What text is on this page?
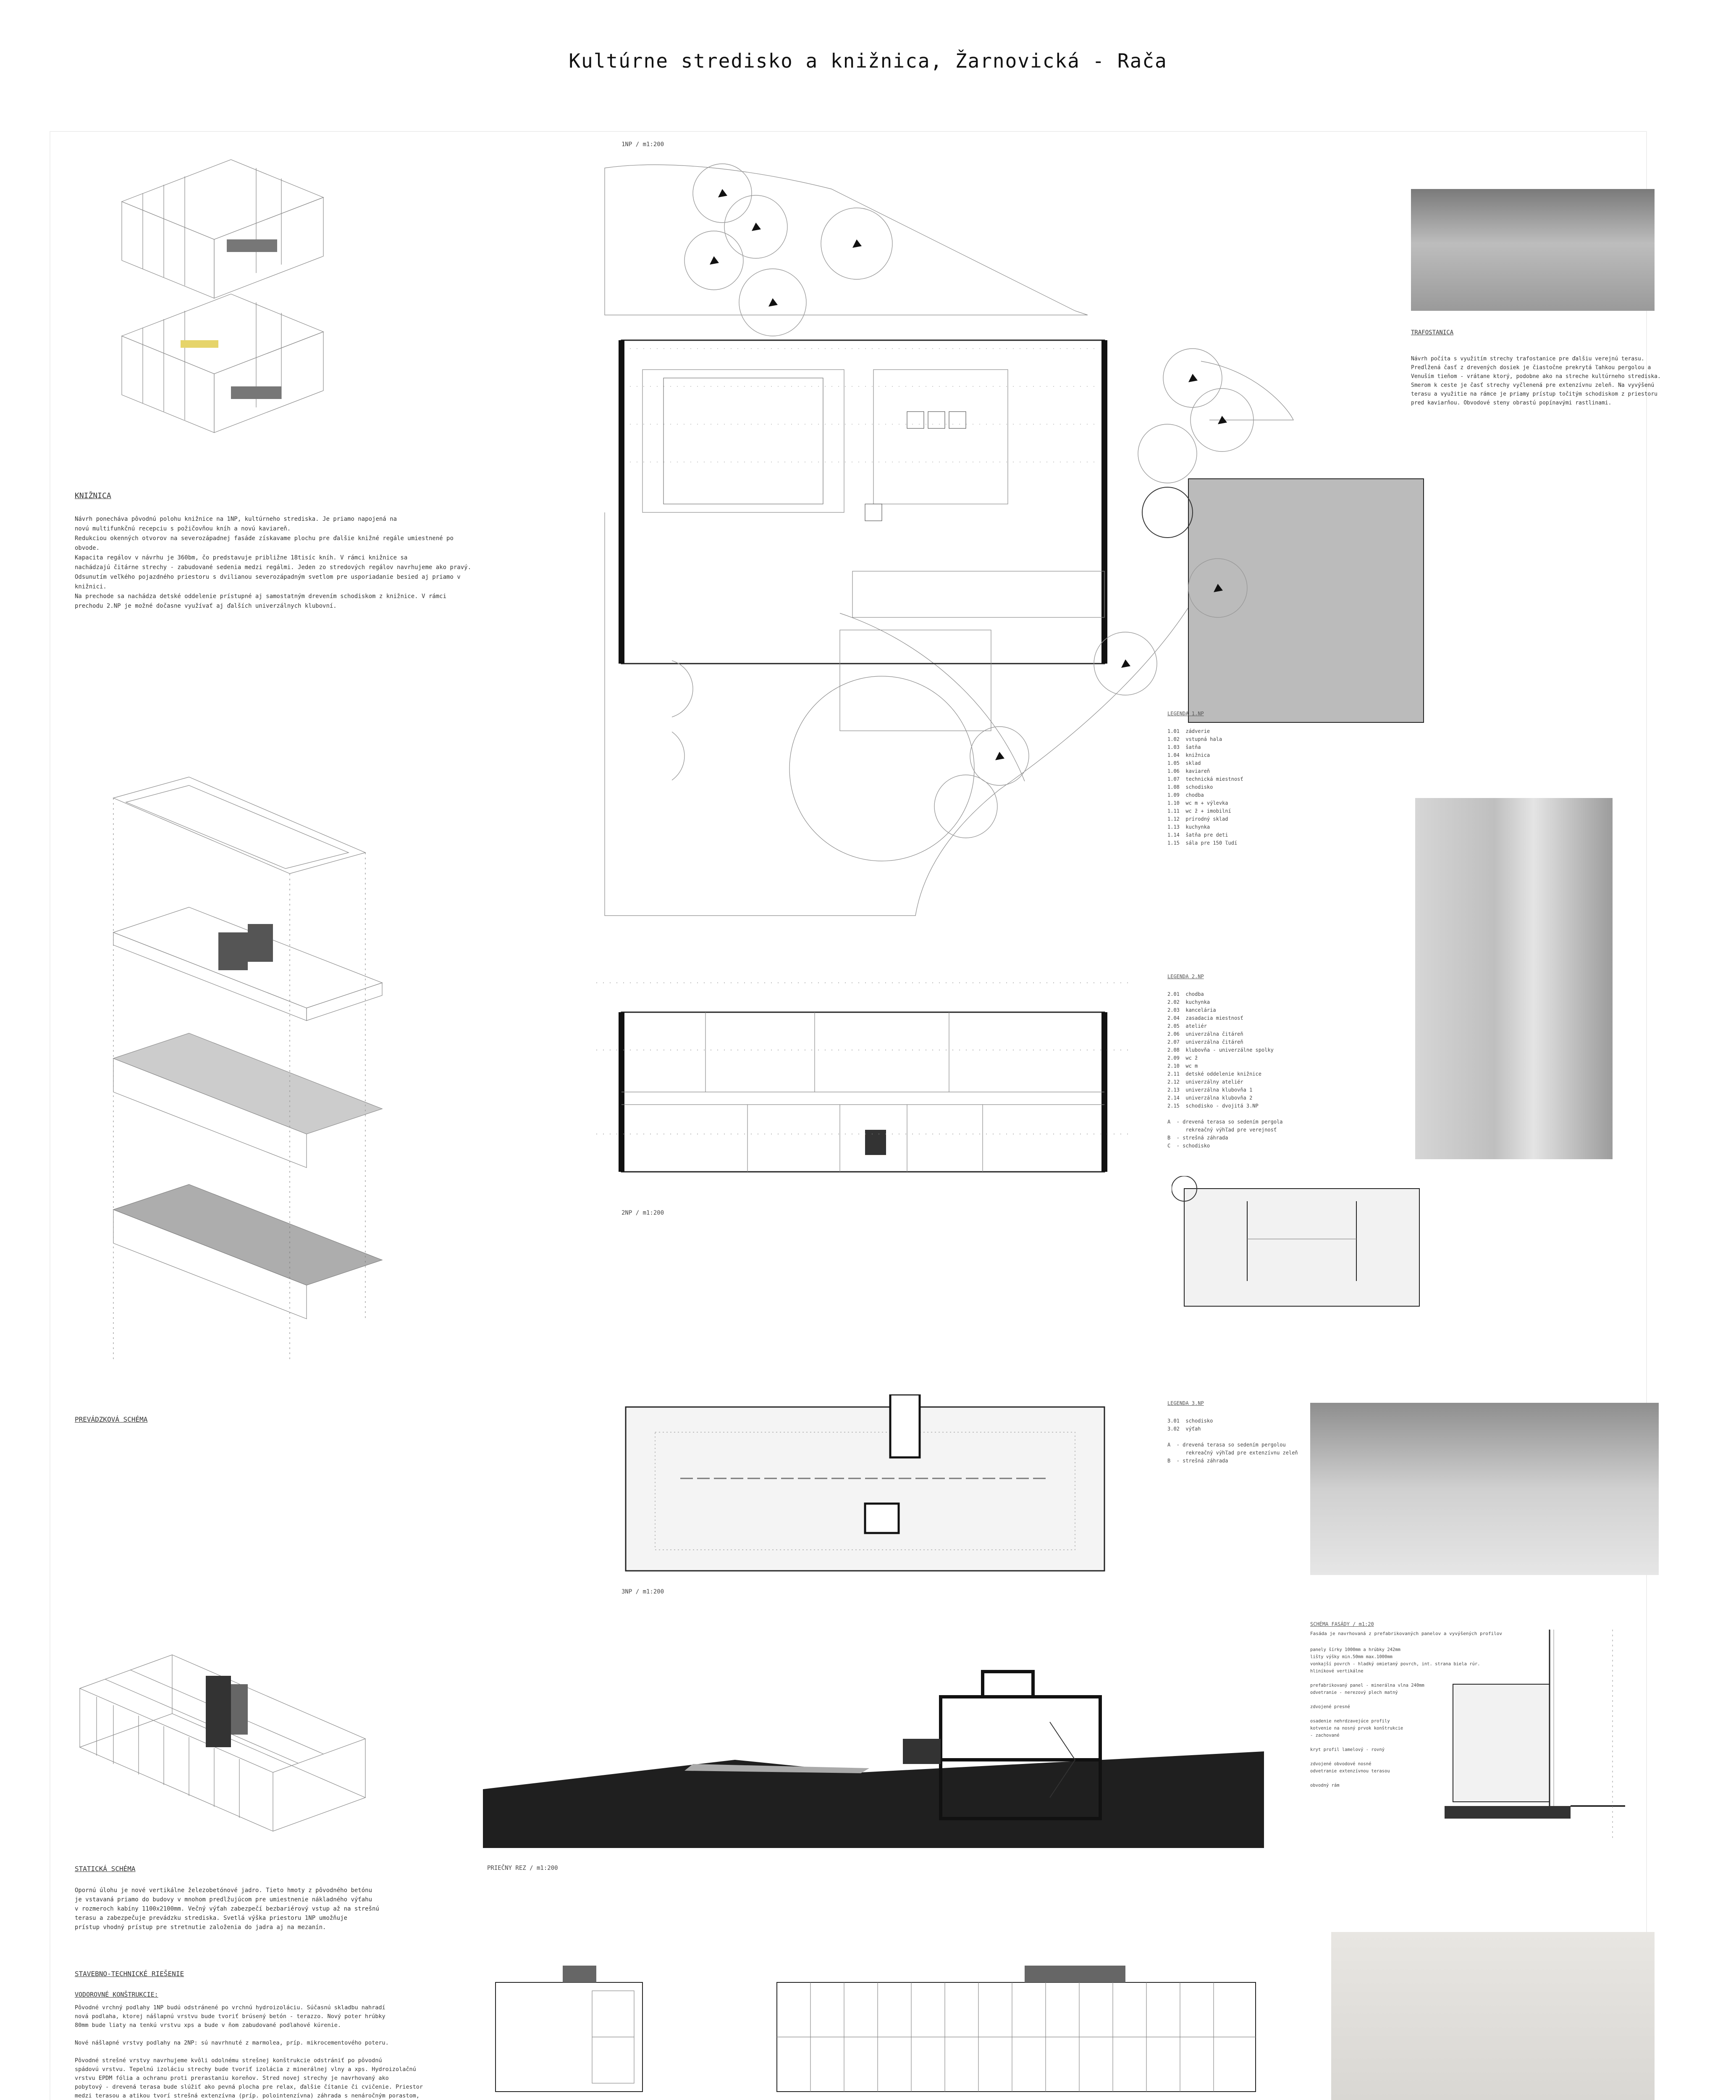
Kultúrne stredisko a knižnica, Žarnovická - Rača
KNIŽNICA
Návrh ponecháva pôvodnú polohu knižnice na 1NP, kultúrneho strediska. Je priamo napojená na
novú multifunkčnú recepciu s požičovňou kníh a novú kaviareň.
Redukciou okenných otvorov na severozápadnej fasáde získavame plochu pre ďalšie knižné regále umiestnené po obvode.
Kapacita regálov v návrhu je 360bm, čo predstavuje približne 18tisíc kníh. V rámci knižnice sa
nachádzajú čitárne strechy - zabudované sedenia medzi regálmi. Jeden zo stredových regálov navrhujeme ako pravý.
Odsunutím veľkého pojazdného priestoru s dvilianou severozápadným svetlom pre usporiadanie besied aj priamo v knižnici.
Na prechode sa nachádza detské oddelenie prístupné aj samostatným drevením schodiskom z knižnice. V rámci
prechodu 2.NP je možné dočasne využívať aj ďalších univerzálnych klubovní.
PREVÁDZKOVÁ SCHÉMA
STATICKÁ SCHÉMA
Opornú úlohu je nové vertikálne železobetónové jadro. Tieto hmoty z pôvodného betónu
je vstavaná priamo do budovy v mnohom predlžujúcom pre umiestnenie nákladného výťahu
v rozmeroch kabíny 1100x2100mm. Večný výťah zabezpečí bezbariérový vstup až na strešnú
terasu a zabezpečuje prevádzku strediska. Svetlá výška priestoru 1NP umožňuje
prístup vhodný prístup pre stretnutie založenia do jadra aj na mezanín.
STAVEBNO-TECHNICKÉ RIEŠENIE
VODOROVNÉ KONŠTRUKCIE:
Pôvodné vrchný podlahy 1NP budú odstránené po vrchnú hydroizoláciu. Súčasnú skladbu nahradí
nová podlaha, ktorej nášlapnú vrstvu bude tvoriť brúsený betón - terazzo. Nový poter hrúbky
80mm bude liaty na tenkú vrstvu xps a bude v ňom zabudované podlahové kúrenie.

Nové nášlapné vrstvy podlahy na 2NP: sú navrhnuté z marmolea, príp. mikrocementového poteru.

Pôvodné strešné vrstvy navrhujeme kvôli odolnému strešnej konštrukcie odstrániť po pôvodnú
spádovú vrstvu. Tepelnú izoláciu strechy bude tvoriť izolácia z minerálnej vlny a xps. Hydroizolačnú
vrstvu EPDM fólia a ochranu proti prerastaniu koreňov. Stred novej strechy je navrhovaný ako
pobytový - drevená terasa bude slúžiť ako pevná plocha pre relax, ďalšie čítanie či cvičenie. Priestor
medzi terasou a atikou tvorí strešná extenzívna (príp. polointenzívna) záhrada s nenáročným porastom,

1NP / m1:200
TRAFOSTANICA
Návrh počíta s využitím strechy trafostanice pre ďalšiu verejnú terasu.
Predĺžená časť z drevených dosiek je čiastočne prekrytá ľahkou pergolou a
Venuším tieňom - vrátane ktorý, podobne ako na streche kultúrneho strediska.
Smerom k ceste je časť strechy vyčlenená pre extenzívnu zeleň. Na vyvýšenú
terasu a využitie na rámce je priamy prístup točitým schodiskom z priestoru
pred kaviarňou. Obvodové steny obrastú popínavými rastlinami.
LEGENDA 1.NP
1.01  zádverie
1.02  vstupná hala
1.03  šatňa
1.04  knižnica
1.05  sklad
1.06  kaviareň
1.07  technická miestnosť
1.08  schodisko
1.09  chodba
1.10  wc m + výlevka
1.11  wc ž + imobilní
1.12  prírodný sklad
1.13  kuchynka
1.14  šatňa pre deti
1.15  sála pre 150 ľudí
2NP / m1:200
LEGENDA 2.NP
2.01  chodba
2.02  kuchynka
2.03  kancelária
2.04  zasadacia miestnosť
2.05  ateliér
2.06  univerzálna čitáreň
2.07  univerzálna čitáreň
2.08  klubovňa - univerzálne spolky
2.09  wc ž
2.10  wc m
2.11  detské oddelenie knižnice
2.12  univerzálny ateliér
2.13  univerzálna klubovňa 1
2.14  univerzálna klubovňa 2
2.15  schodisko - dvojitá 3.NP

A  - drevená terasa so sedením pergola
rekreačný výhľad pre verejnosť
B  - strešná záhrada
C  - schodisko
3NP / m1:200
LEGENDA 3.NP
3.01  schodisko
3.02  výťah

A  - drevená terasa so sedením pergolou
rekreačný výhľad pre extenzívnu zeleň
B  - strešná záhrada
PRIEČNY REZ / m1:200
SCHÉMA FASÁDY / m1:20
Fasáda je navrhovaná z prefabrikovaných panelov a vyvýšených profilov
panely šírky 1000mm a hrúbky 242mm
lišty výšky min.50mm max.1000mm
vonkajší povrch - hladký omietaný povrch, int. strana biela rúr.
hliníkové vertikálne

prefabrikovaný panel - minerálna vlna 240mm
odvetranie - nerezový plech matný

zdvojené presné

osadenie nehrdzavejúce profily
kotvenie na nosný prvok konštrukcie
- zachované

kryt profil lamelový - rovný

zdvojené obvodové nosné
odvetranie extenzívnou terasou

obvodný rám
